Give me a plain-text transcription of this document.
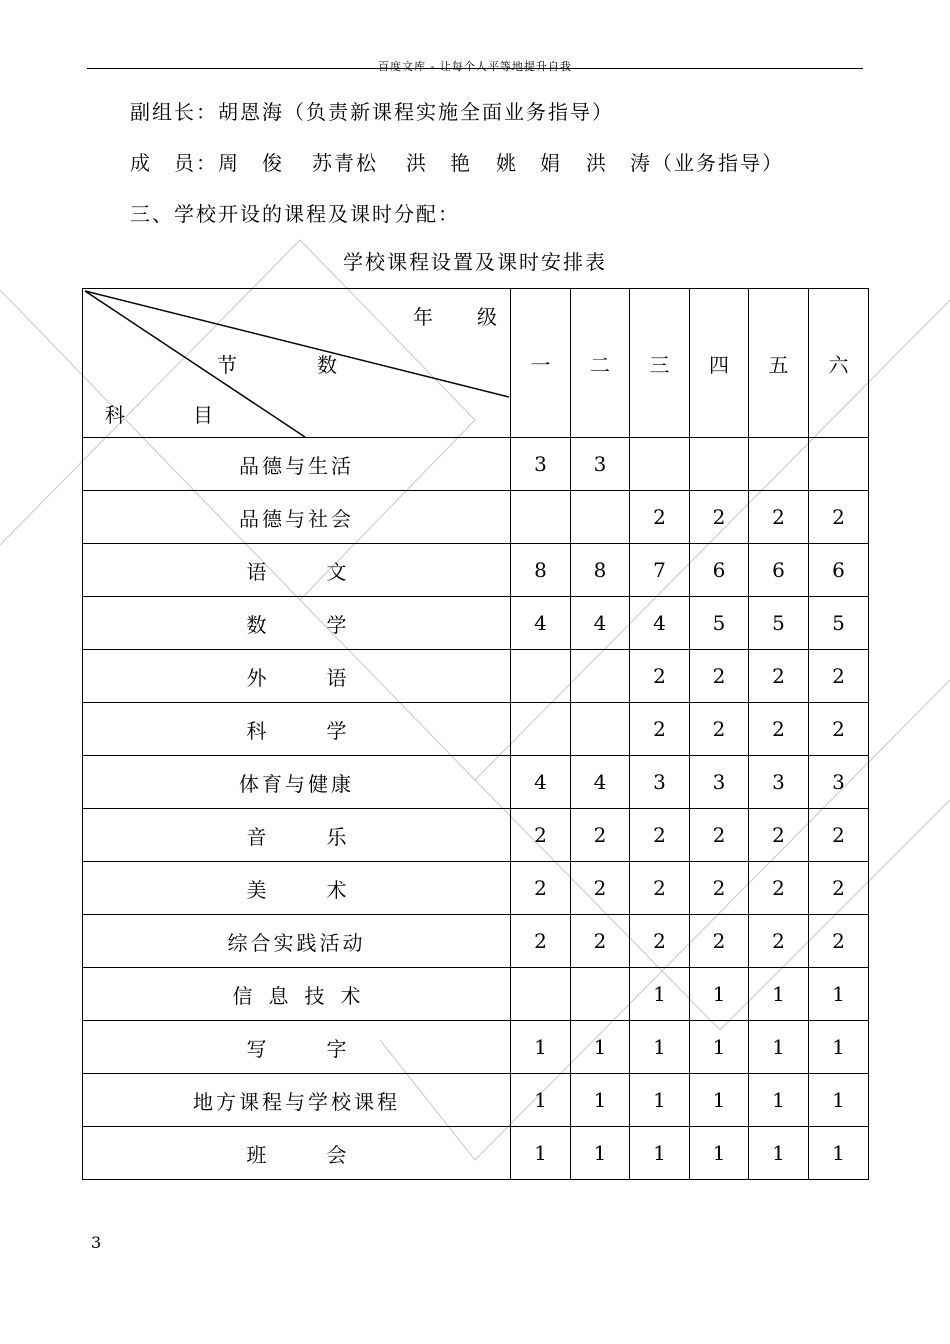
百度文库 - 让每个人平等地提升自我
副组长：胡恩海（负责新课程实施全面业务指导）
成　员：周　俊 苏青松 洪　艳 姚　娟 洪　涛（业务指导）
三、学校开设的课程及课时分配：
学校课程设置及课时安排表
年级
节数
科目	一	二	三	四	五	六
品德与生活	3	3				
品德与社会			2	2	2	2
语文	8	8	7	6	6	6
数学	4	4	4	5	5	5
外语			2	2	2	2
科学			2	2	2	2
体育与健康	4	4	3	3	3	3
音乐	2	2	2	2	2	2
美术	2	2	2	2	2	2
综合实践活动	2	2	2	2	2	2
信息技术			1	1	1	1
写字	1	1	1	1	1	1
地方课程与学校课程	1	1	1	1	1	1
班会	1	1	1	1	1	1
3
